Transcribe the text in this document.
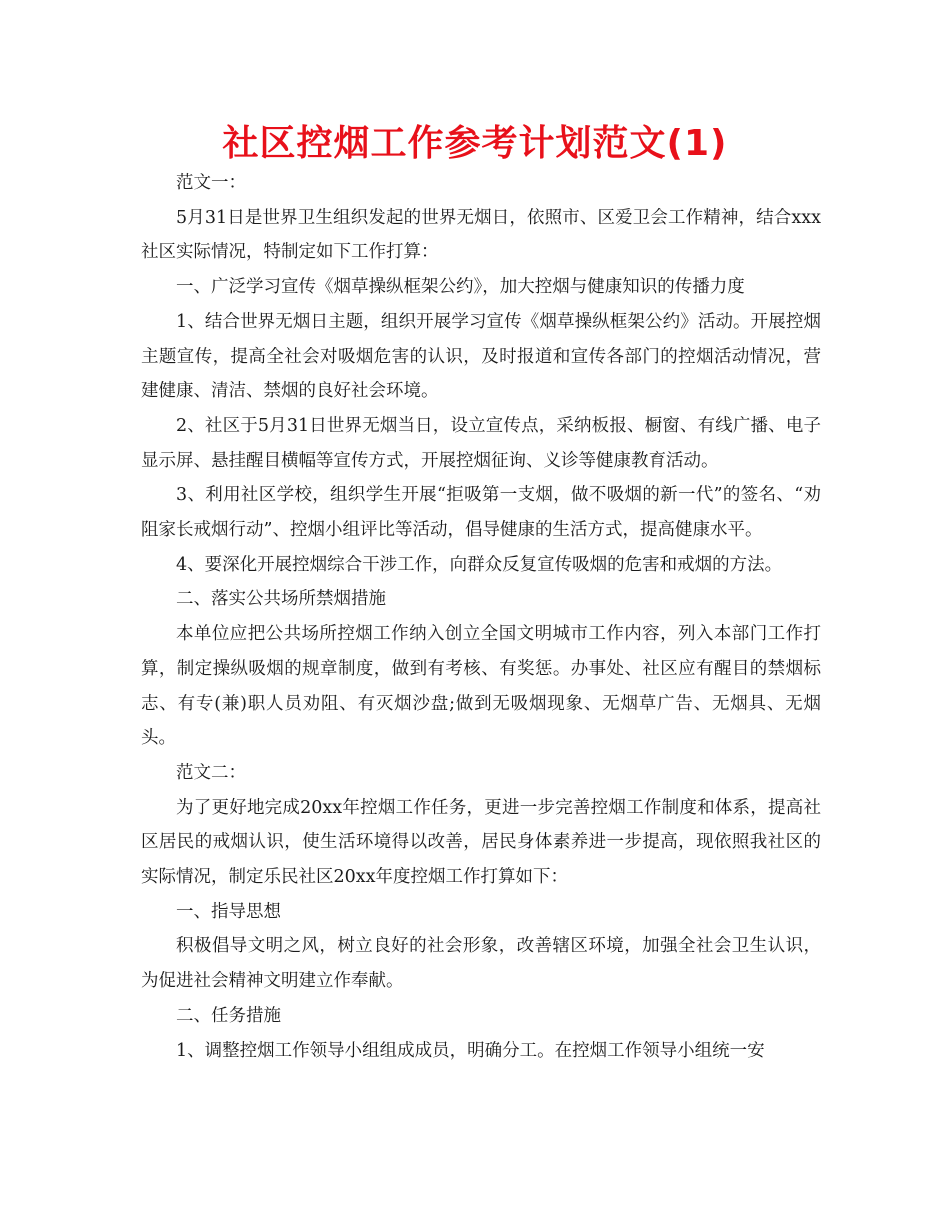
社区控烟工作参考计划范文(1)

范文一：

5月31日是世界卫生组织发起的世界无烟日，依照市、区爱卫会工作精神，结合xxx社区实际情况，特制定如下工作打算：

一、广泛学习宣传《烟草操纵框架公约》，加大控烟与健康知识的传播力度

1、结合世界无烟日主题，组织开展学习宣传《烟草操纵框架公约》活动。开展控烟主题宣传，提高全社会对吸烟危害的认识，及时报道和宣传各部门的控烟活动情况，营建健康、清洁、禁烟的良好社会环境。

2、社区于5月31日世界无烟当日，设立宣传点，采纳板报、橱窗、有线广播、电子显示屏、悬挂醒目横幅等宣传方式，开展控烟征询、义诊等健康教育活动。

3、利用社区学校，组织学生开展“拒吸第一支烟，做不吸烟的新一代”的签名、“劝阻家长戒烟行动”、控烟小组评比等活动，倡导健康的生活方式，提高健康水平。

4、要深化开展控烟综合干涉工作，向群众反复宣传吸烟的危害和戒烟的方法。

二、落实公共场所禁烟措施

本单位应把公共场所控烟工作纳入创立全国文明城市工作内容，列入本部门工作打算，制定操纵吸烟的规章制度，做到有考核、有奖惩。办事处、社区应有醒目的禁烟标志、有专(兼)职人员劝阻、有灭烟沙盘;做到无吸烟现象、无烟草广告、无烟具、无烟头。

范文二：

为了更好地完成20xx年控烟工作任务，更进一步完善控烟工作制度和体系，提高社区居民的戒烟认识，使生活环境得以改善，居民身体素养进一步提高，现依照我社区的实际情况，制定乐民社区20xx年度控烟工作打算如下：

一、指导思想

积极倡导文明之风，树立良好的社会形象，改善辖区环境，加强全社会卫生认识，为促进社会精神文明建立作奉献。

二、任务措施

1、调整控烟工作领导小组组成成员，明确分工。在控烟工作领导小组统一安
